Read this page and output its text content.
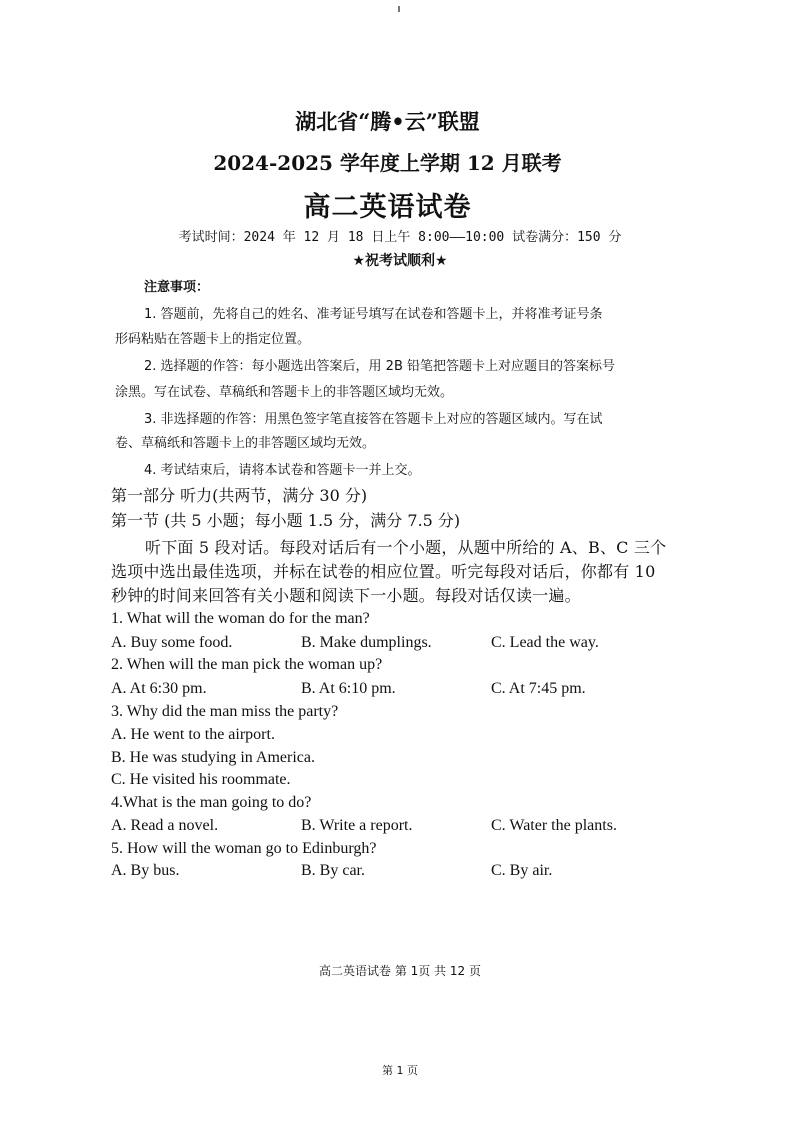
湖北省“腾•云”联盟
2024-2025 学年度上学期 12 月联考
高二英语试卷
考试时间：2024 年 12 月 18 日上午 8:00——10:00 试卷满分：150 分
★祝考试顺利★
注意事项：
1. 答题前，先将自己的姓名、准考证号填写在试卷和答题卡上，并将准考证号条
形码粘贴在答题卡上的指定位置。
2. 选择题的作答：每小题选出答案后，用 2B 铅笔把答题卡上对应题目的答案标号
涂黑。写在试卷、草稿纸和答题卡上的非答题区域均无效。
3. 非选择题的作答：用黑色签字笔直接答在答题卡上对应的答题区域内。写在试
卷、草稿纸和答题卡上的非答题区域均无效。
4. 考试结束后，请将本试卷和答题卡一并上交。
第一部分 听力(共两节，满分 30 分)
第一节 (共 5 小题；每小题 1.5 分，满分 7.5 分)
听下面 5 段对话。每段对话后有一个小题，从题中所给的 A、B、C 三个
选项中选出最佳选项，并标在试卷的相应位置。听完每段对话后，你都有 10
秒钟的时间来回答有关小题和阅读下一小题。每段对话仅读一遍。
1. What will the woman do for the man?
A. Buy some food.	B. Make dumplings.	C. Lead the way.
2. When will the man pick the woman up?
A. At 6:30 pm.	B. At 6:10 pm.	C. At 7:45 pm.
3. Why did the man miss the party?
A. He went to the airport.
B. He was studying in America.
C. He visited his roommate.
4.What is the man going to do?
A. Read a novel.	B. Write a report.	C. Water the plants.
5. How will the woman go to Edinburgh?
A. By bus.	B. By car.	C. By air.
高二英语试卷 第 1页 共 12 页
第 1 页
